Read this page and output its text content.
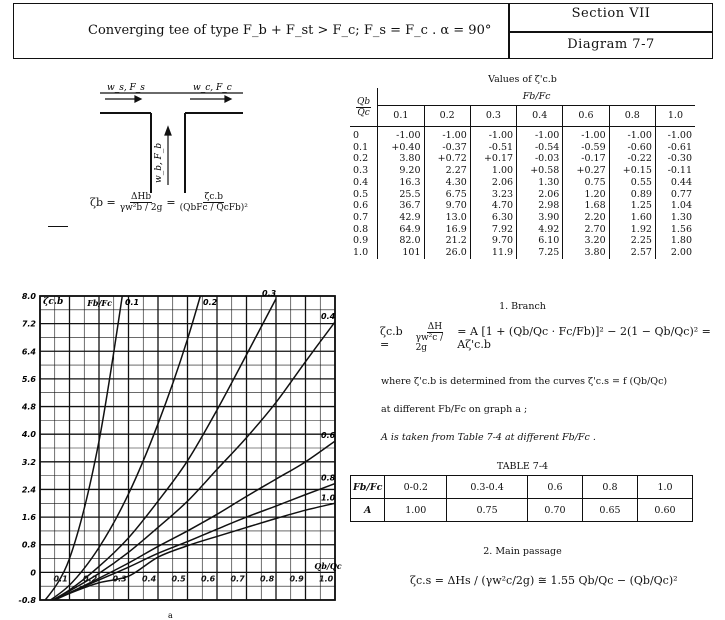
Converging tee of type F_b + F_st > F_c; F_s = F_c . α = 90°
Section VII
Diagram 7-7
w_s, F_s	w_c, F_c
w_b, F_b
$\zeta b = \frac{\text{ΔHb}}{\text{γw²b / 2g}} = \frac{\zeta c.b}{\text{(QbFc / QcFb)²}}$
Values of ζ'c.b
$\frac{Qb}{Qc}$	Fb/Fc						
	0.1	0.2	0.3	0.4	0.6	0.8	1.0
0	-1.00	-1.00	-1.00	-1.00	-1.00	-1.00	-1.00
0.1	+0.40	-0.37	-0.51	-0.54	-0.59	-0.60	-0.61
0.2	3.80	+0.72	+0.17	-0.03	-0.17	-0.22	-0.30
0.3	9.20	2.27	1.00	+0.58	+0.27	+0.15	-0.11
0.4	16.3	4.30	2.06	1.30	0.75	0.55	0.44
0.5	25.5	6.75	3.23	2.06	1.20	0.89	0.77
0.6	36.7	9.70	4.70	2.98	1.68	1.25	1.04
0.7	42.9	13.0	6.30	3.90	2.20	1.60	1.30
0.8	64.9	16.9	7.92	4.92	2.70	1.92	1.56
0.9	82.0	21.2	9.70	6.10	3.20	2.25	1.80
1.0	101	26.0	11.9	7.25	3.80	2.57	2.00
8.0
7.2
6.4
5.6
4.8
4.0
3.2
2.4
1.6
0.8
0
-0.8
0.1 0.2 0.3 0.4 0.5 0.6 0.7 0.8 0.9 1.0
ζc.b
Qb/Qc
Fb/Fc
a
0.1	0.2
0.3
0.4
0.6
0.8
1.0
1. Branch
ζc.b =	$\frac{\Delta H}{\text{γw²c / 2g}} = A$ [1 + (Qb/Qc · Fc/Fb)]² − 2(1 − Qb/Qc)² = Aζ'c.b
where ζ'c.b is determined from the curves ζ'c.s = f (Qb/Qc)
at different Fb/Fc on graph a ;
A is taken from Table 7-4 at different Fb/Fc .
TABLE 7-4
Fb/Fc	0-0.2	0.3-0.4	0.6	0.8	1.0
A	1.00	0.75	0.70	0.65	0.60
2. Main passage
ζc.s = ΔHs / (γw²c/2g) ≅ 1.55 Qb/Qc − (Qb/Qc)²
